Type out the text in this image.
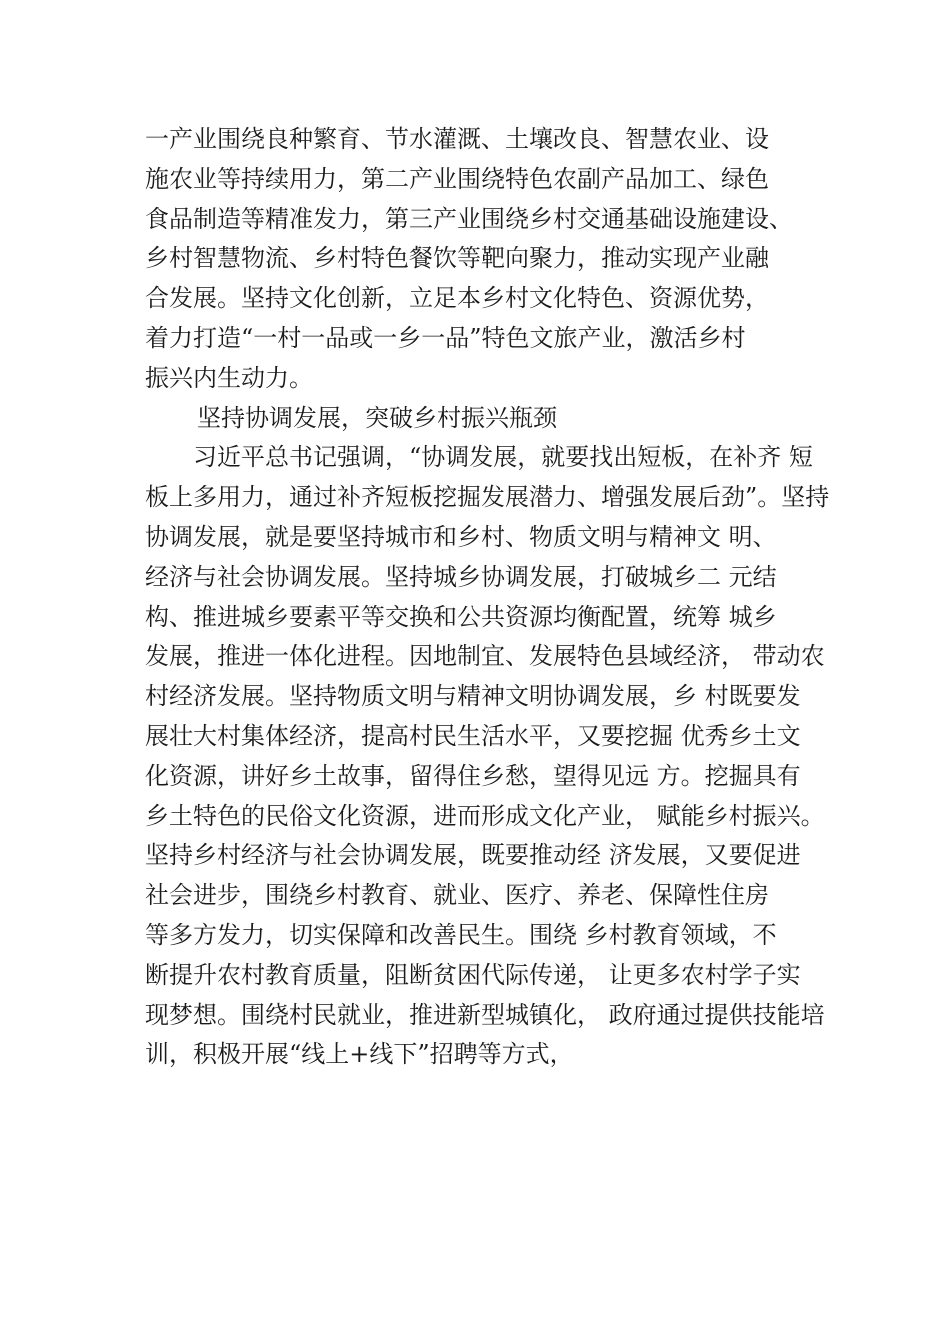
一产业围绕良种繁育、节水灌溉、土壤改良、智慧农业、设
施农业等持续用力，第二产业围绕特色农副产品加工、绿色
食品制造等精准发力，第三产业围绕乡村交通基础设施建设、
乡村智慧物流、乡村特色餐饮等靶向聚力，推动实现产业融
合发展。坚持文化创新，立足本乡村文化特色、资源优势，
着力打造“一村一品或一乡一品”特色文旅产业，激活乡村
振兴内生动力。
坚持协调发展，突破乡村振兴瓶颈
习近平总书记强调，“协调发展，就要找出短板，在补齐 短
板上多用力，通过补齐短板挖掘发展潜力、增强发展后劲”。坚持
协调发展，就是要坚持城市和乡村、物质文明与精神文 明、
经济与社会协调发展。坚持城乡协调发展，打破城乡二 元结
构、推进城乡要素平等交换和公共资源均衡配置，统筹 城乡
发展，推进一体化进程。因地制宜、发展特色县域经济， 带动农
村经济发展。坚持物质文明与精神文明协调发展，乡 村既要发
展壮大村集体经济，提高村民生活水平，又要挖掘 优秀乡土文
化资源，讲好乡土故事，留得住乡愁，望得见远 方。挖掘具有
乡土特色的民俗文化资源，进而形成文化产业， 赋能乡村振兴。
坚持乡村经济与社会协调发展，既要推动经 济发展，又要促进
社会进步，围绕乡村教育、就业、医疗、养老、保障性住房
等多方发力，切实保障和改善民生。围绕 乡村教育领域，不
断提升农村教育质量，阻断贫困代际传递， 让更多农村学子实
现梦想。围绕村民就业，推进新型城镇化， 政府通过提供技能培
训，积极开展“线上+线下”招聘等方式，
